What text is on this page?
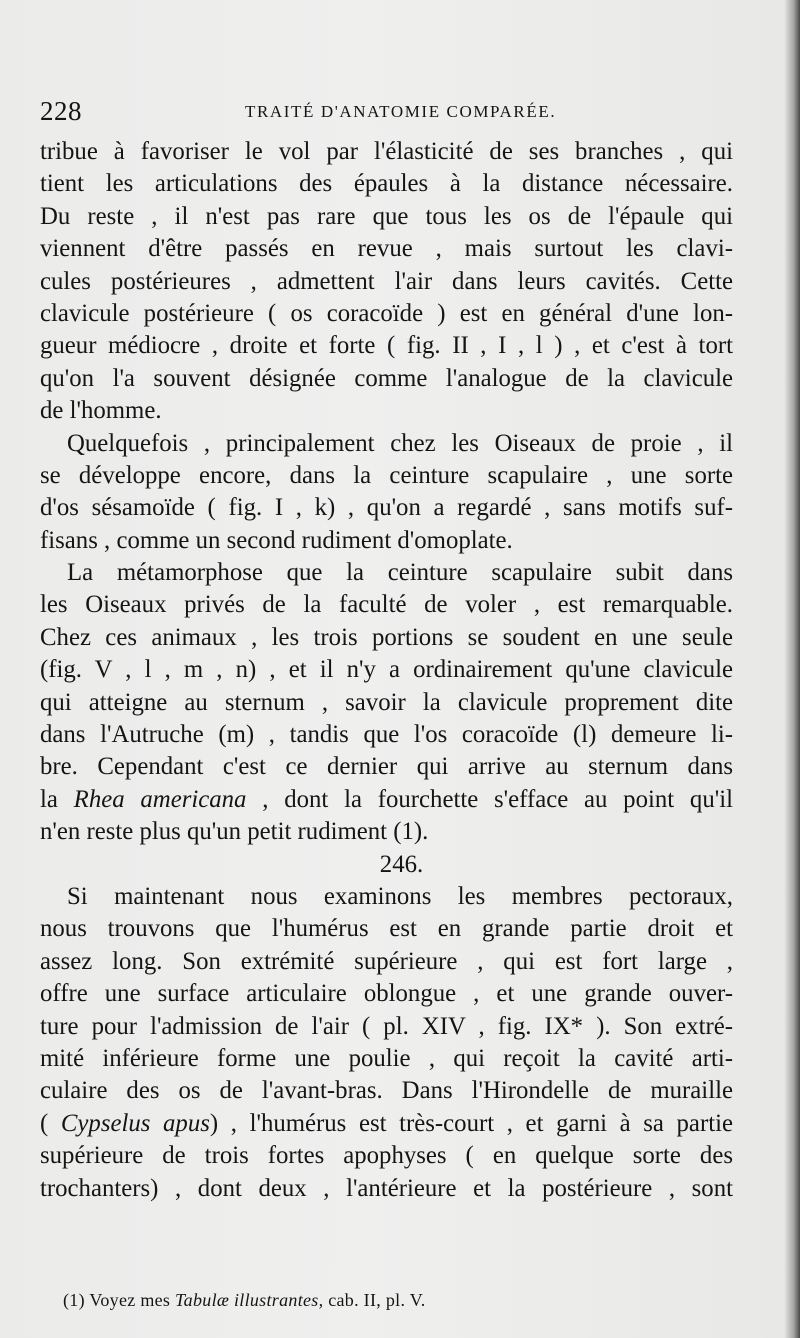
228	TRAITÉ D'ANATOMIE COMPARÉE.
tribue à favoriser le vol par l'élasticité de ses branches , qui
tient les articulations des épaules à la distance nécessaire.
Du reste , il n'est pas rare que tous les os de l'épaule qui
viennent d'être passés en revue , mais surtout les clavi-
cules postérieures , admettent l'air dans leurs cavités. Cette
clavicule postérieure ( os coracoïde ) est en général d'une lon-
gueur médiocre , droite et forte ( fig. II , I , l ) , et c'est à tort
qu'on l'a souvent désignée comme l'analogue de la clavicule
de l'homme.
Quelquefois , principalement chez les Oiseaux de proie , il
se développe encore, dans la ceinture scapulaire , une sorte
d'os sésamoïde ( fig. I , k) , qu'on a regardé , sans motifs suf-
fisans , comme un second rudiment d'omoplate.
La métamorphose que la ceinture scapulaire subit dans
les Oiseaux privés de la faculté de voler , est remarquable.
Chez ces animaux , les trois portions se soudent en une seule
(fig. V , l , m , n) , et il n'y a ordinairement qu'une clavicule
qui atteigne au sternum , savoir la clavicule proprement dite
dans l'Autruche (m) , tandis que l'os coracoïde (l) demeure li-
bre. Cependant c'est ce dernier qui arrive au sternum dans
la Rhea americana , dont la fourchette s'efface au point qu'il
n'en reste plus qu'un petit rudiment (1).
246.
Si maintenant nous examinons les membres pectoraux,
nous trouvons que l'humérus est en grande partie droit et
assez long. Son extrémité supérieure , qui est fort large ,
offre une surface articulaire oblongue , et une grande ouver-
ture pour l'admission de l'air ( pl. XIV , fig. IX* ). Son extré-
mité inférieure forme une poulie , qui reçoit la cavité arti-
culaire des os de l'avant-bras. Dans l'Hirondelle de muraille
( Cypselus apus) , l'humérus est très-court , et garni à sa partie
supérieure de trois fortes apophyses ( en quelque sorte des
trochanters) , dont deux , l'antérieure et la postérieure , sont
(1) Voyez mes Tabulæ illustrantes, cab. II, pl. V.
